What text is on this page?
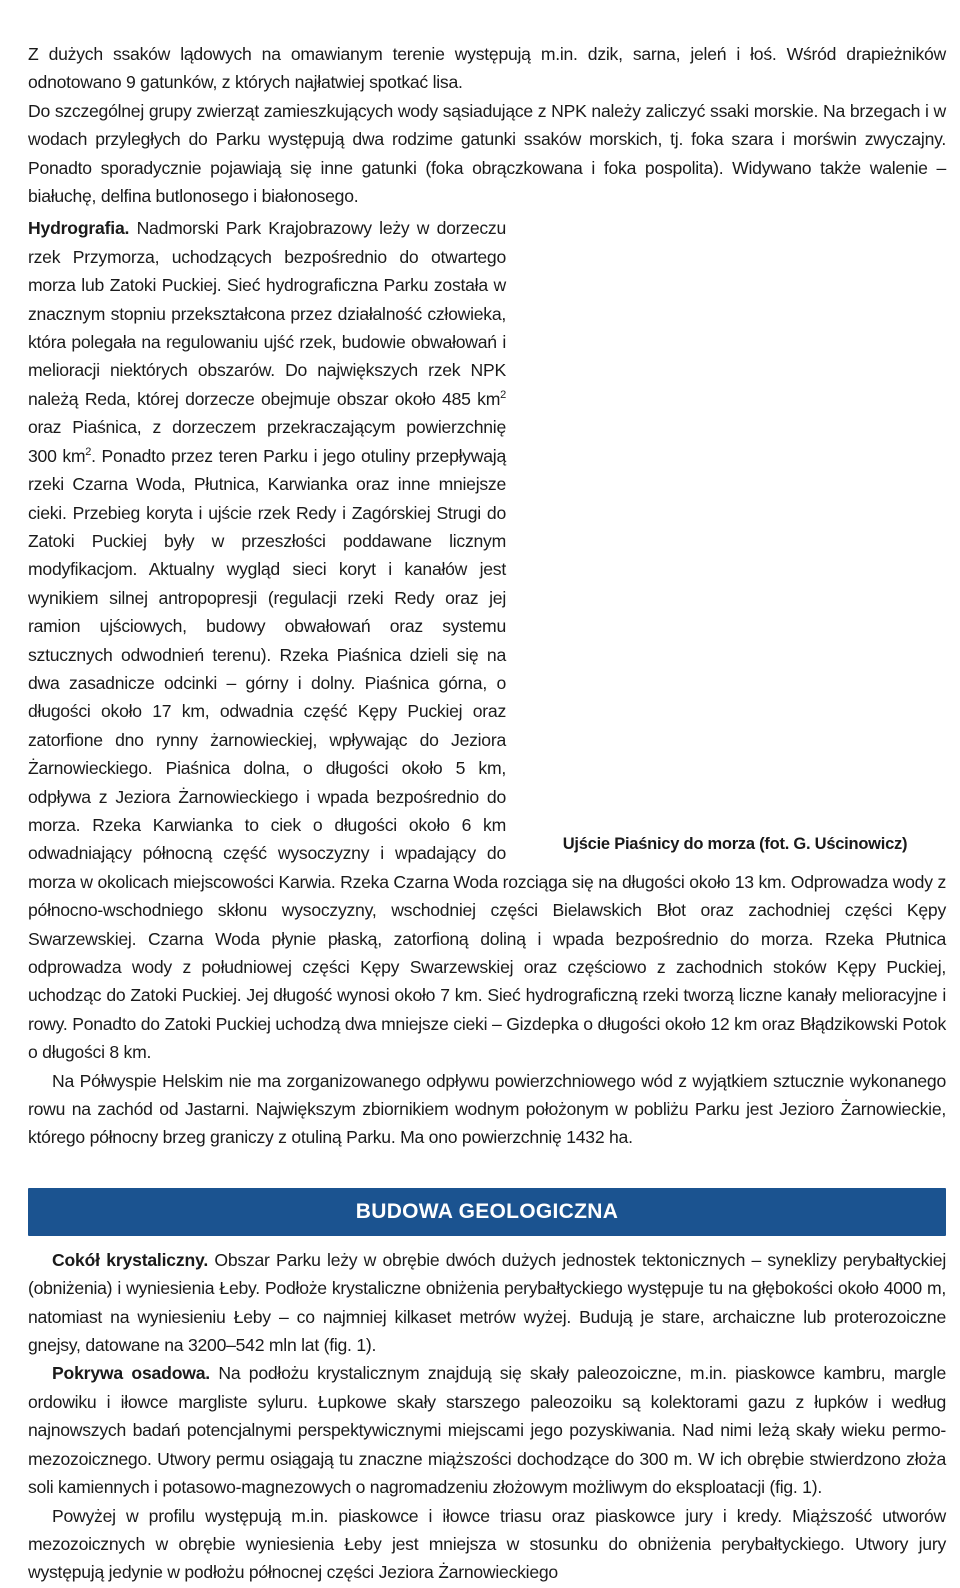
Z dużych ssaków lądowych na omawianym terenie występują m.in. dzik, sarna, jeleń i łoś. Wśród drapieżników odnotowano 9 gatunków, z których najłatwiej spotkać lisa.

Do szczególnej grupy zwierząt zamieszkujących wody sąsiadujące z NPK należy zaliczyć ssaki morskie. Na brzegach i w wodach przyległych do Parku występują dwa rodzime gatunki ssaków morskich, tj. foka szara i morświn zwyczajny. Ponadto sporadycznie pojawiają się inne gatunki (foka obrączkowana i foka pospolita). Widywano także walenie – białuchę, delfina butlonosego i białonosego.

Ujście Piaśnicy do morza (fot. G. Uścinowicz)
Hydrografia. Nadmorski Park Krajobrazowy leży w dorzeczu rzek Przymorza, uchodzących bezpośrednio do otwartego morza lub Zatoki Puckiej. Sieć hydrograficzna Parku została w znacznym stopniu przekształcona przez działalność człowieka, która polegała na regulowaniu ujść rzek, budowie obwałowań i melioracji niektórych obszarów. Do największych rzek NPK należą Reda, której dorzecze obejmuje obszar około 485 $km^2$ oraz Piaśnica, z dorzeczem przekraczającym powierzchnię 300 $km^2$. Ponadto przez teren Parku i jego otuliny przepływają rzeki Czarna Woda, Płutnica, Karwianka oraz inne mniejsze cieki. Przebieg koryta i ujście rzek Redy i Zagórskiej Strugi do Zatoki Puckiej były w przeszłości poddawane licznym modyfikacjom. Aktualny wygląd sieci koryt i kanałów jest wynikiem silnej antropopresji (regulacji rzeki Redy oraz jej ramion ujściowych, budowy obwałowań oraz systemu sztucznych odwodnień terenu). Rzeka Piaśnica dzieli się na dwa zasadnicze odcinki – górny i dolny. Piaśnica górna, o długości około 17 km, odwadnia część Kępy Puckiej oraz zatorfione dno rynny żarnowieckiej, wpływając do Jeziora Żarnowieckiego. Piaśnica dolna, o długości około 5 km, odpływa z Jeziora Żarnowieckiego i wpada bezpośrednio do morza. Rzeka Karwianka to ciek o długości około 6 km odwadniający północną część wysoczyzny i wpadający do morza w okolicach miejscowości Karwia. Rzeka Czarna Woda rozciąga się na długości około 13 km. Odprowadza wody z północno-wschodniego skłonu wysoczyzny, wschodniej części Bielawskich Błot oraz zachodniej części Kępy Swarzewskiej. Czarna Woda płynie płaską, zatorfioną doliną i wpada bezpośrednio do morza. Rzeka Płutnica odprowadza wody z południowej części Kępy Swarzewskiej oraz częściowo z zachodnich stoków Kępy Puckiej, uchodząc do Zatoki Puckiej. Jej długość wynosi około 7 km. Sieć hydrograficzną rzeki tworzą liczne kanały melioracyjne i rowy. Ponadto do Zatoki Puckiej uchodzą dwa mniejsze cieki – Gizdepka o długości około 12 km oraz Błądzikowski Potok o długości 8 km.

Na Półwyspie Helskim nie ma zorganizowanego odpływu powierzchniowego wód z wyjątkiem sztucznie wykonanego rowu na zachód od Jastarni. Największym zbiornikiem wodnym położonym w pobliżu Parku jest Jezioro Żarnowieckie, którego północny brzeg graniczy z otuliną Parku. Ma ono powierzchnię 1432 ha.

BUDOWA GEOLOGICZNA

Cokół krystaliczny. Obszar Parku leży w obrębie dwóch dużych jednostek tektonicznych – syneklizy perybałtyckiej (obniżenia) i wyniesienia Łeby. Podłoże krystaliczne obniżenia perybałtyckiego występuje tu na głębokości około 4000 m, natomiast na wyniesieniu Łeby – co najmniej kilkaset metrów wyżej. Budują je stare, archaiczne lub proterozoiczne gnejsy, datowane na 3200–542 mln lat (fig. 1).

Pokrywa osadowa. Na podłożu krystalicznym znajdują się skały paleozoiczne, m.in. piaskowce kambru, margle ordowiku i iłowce margliste syluru. Łupkowe skały starszego paleozoiku są kolektorami gazu z łupków i według najnowszych badań potencjalnymi perspektywicznymi miejscami jego pozyskiwania. Nad nimi leżą skały wieku permo-mezozoicznego. Utwory permu osiągają tu znaczne miąższości dochodzące do 300 m. W ich obrębie stwierdzono złoża soli kamiennych i potasowo-magnezowych o nagromadzeniu złożowym możliwym do eksploatacji (fig. 1).

Powyżej w profilu występują m.in. piaskowce i iłowce triasu oraz piaskowce jury i kredy. Miąższość utworów mezozoicznych w obrębie wyniesienia Łeby jest mniejsza w stosunku do obniżenia perybałtyckiego. Utwory jury występują jedynie w podłożu północnej części Jeziora Żarnowieckiego
